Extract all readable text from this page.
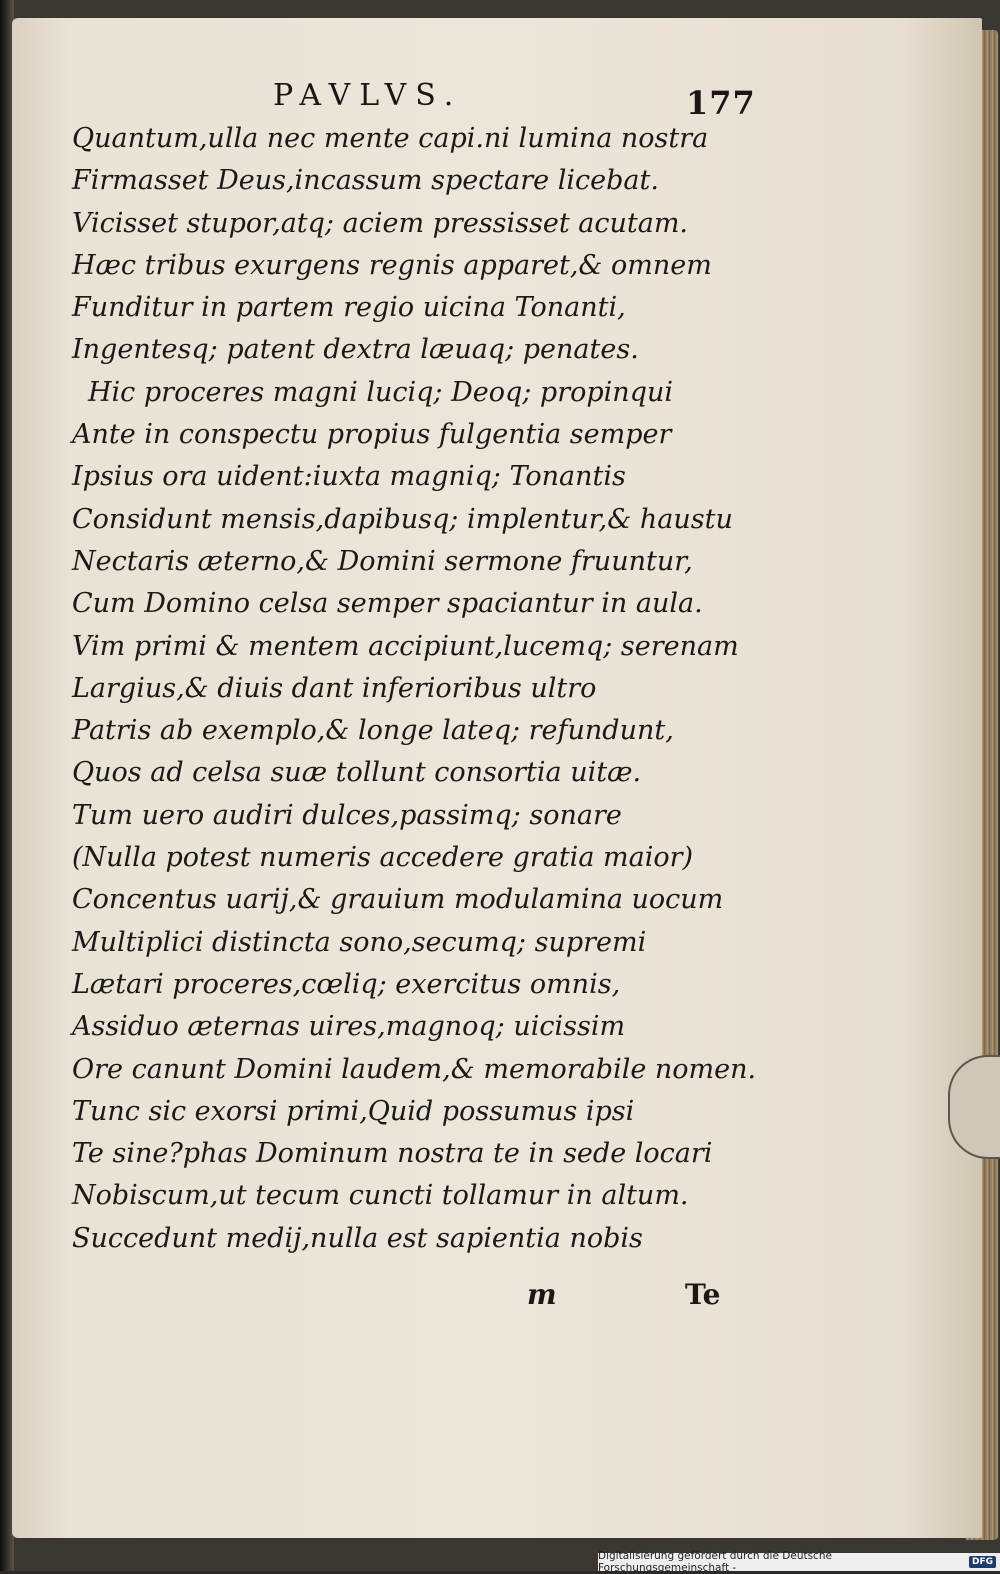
PAVLVS.	177
Quantum,ulla nec mente capi.ni lumina nostra
Firmasset Deus,incassum spectare licebat.
Vicisset stupor,atq; aciem pressisset acutam.
Hæc tribus exurgens regnis apparet,& omnem
Funditur in partem regio uicina Tonanti,
Ingentesq; patent dextra læuaq; penates.
Hic proceres magni luciq; Deoq; propinqui
Ante in conspectu propius fulgentia semper
Ipsius ora uident:iuxta magniq; Tonantis
Considunt mensis,dapibusq; implentur,& haustu
Nectaris æterno,& Domini sermone fruuntur,
Cum Domino celsa semper spaciantur in aula.
Vim primi & mentem accipiunt,lucemq; serenam
Largius,& diuis dant inferioribus ultro
Patris ab exemplo,& longe lateq; refundunt,
Quos ad celsa suæ tollunt consortia uitæ.
Tum uero audiri dulces,passimq; sonare
(Nulla potest numeris accedere gratia maior)
Concentus uarij,& grauium modulamina uocum
Multiplici distincta sono,secumq; supremi
Lætari proceres,cœliq; exercitus omnis,
Assiduo æternas uires,magnoq; uicissim
Ore canunt Domini laudem,& memorabile nomen.
Tunc sic exorsi primi,Quid possumus ipsi
Te sine?phas Dominum nostra te in sede locari
Nobiscum,ut tecum cuncti tollamur in altum.
Succedunt medij,nulla est sapientia nobis
m	Te
Digitalisierung gefördert durch die Deutsche Forschungsgemeinschaft -	DFG
